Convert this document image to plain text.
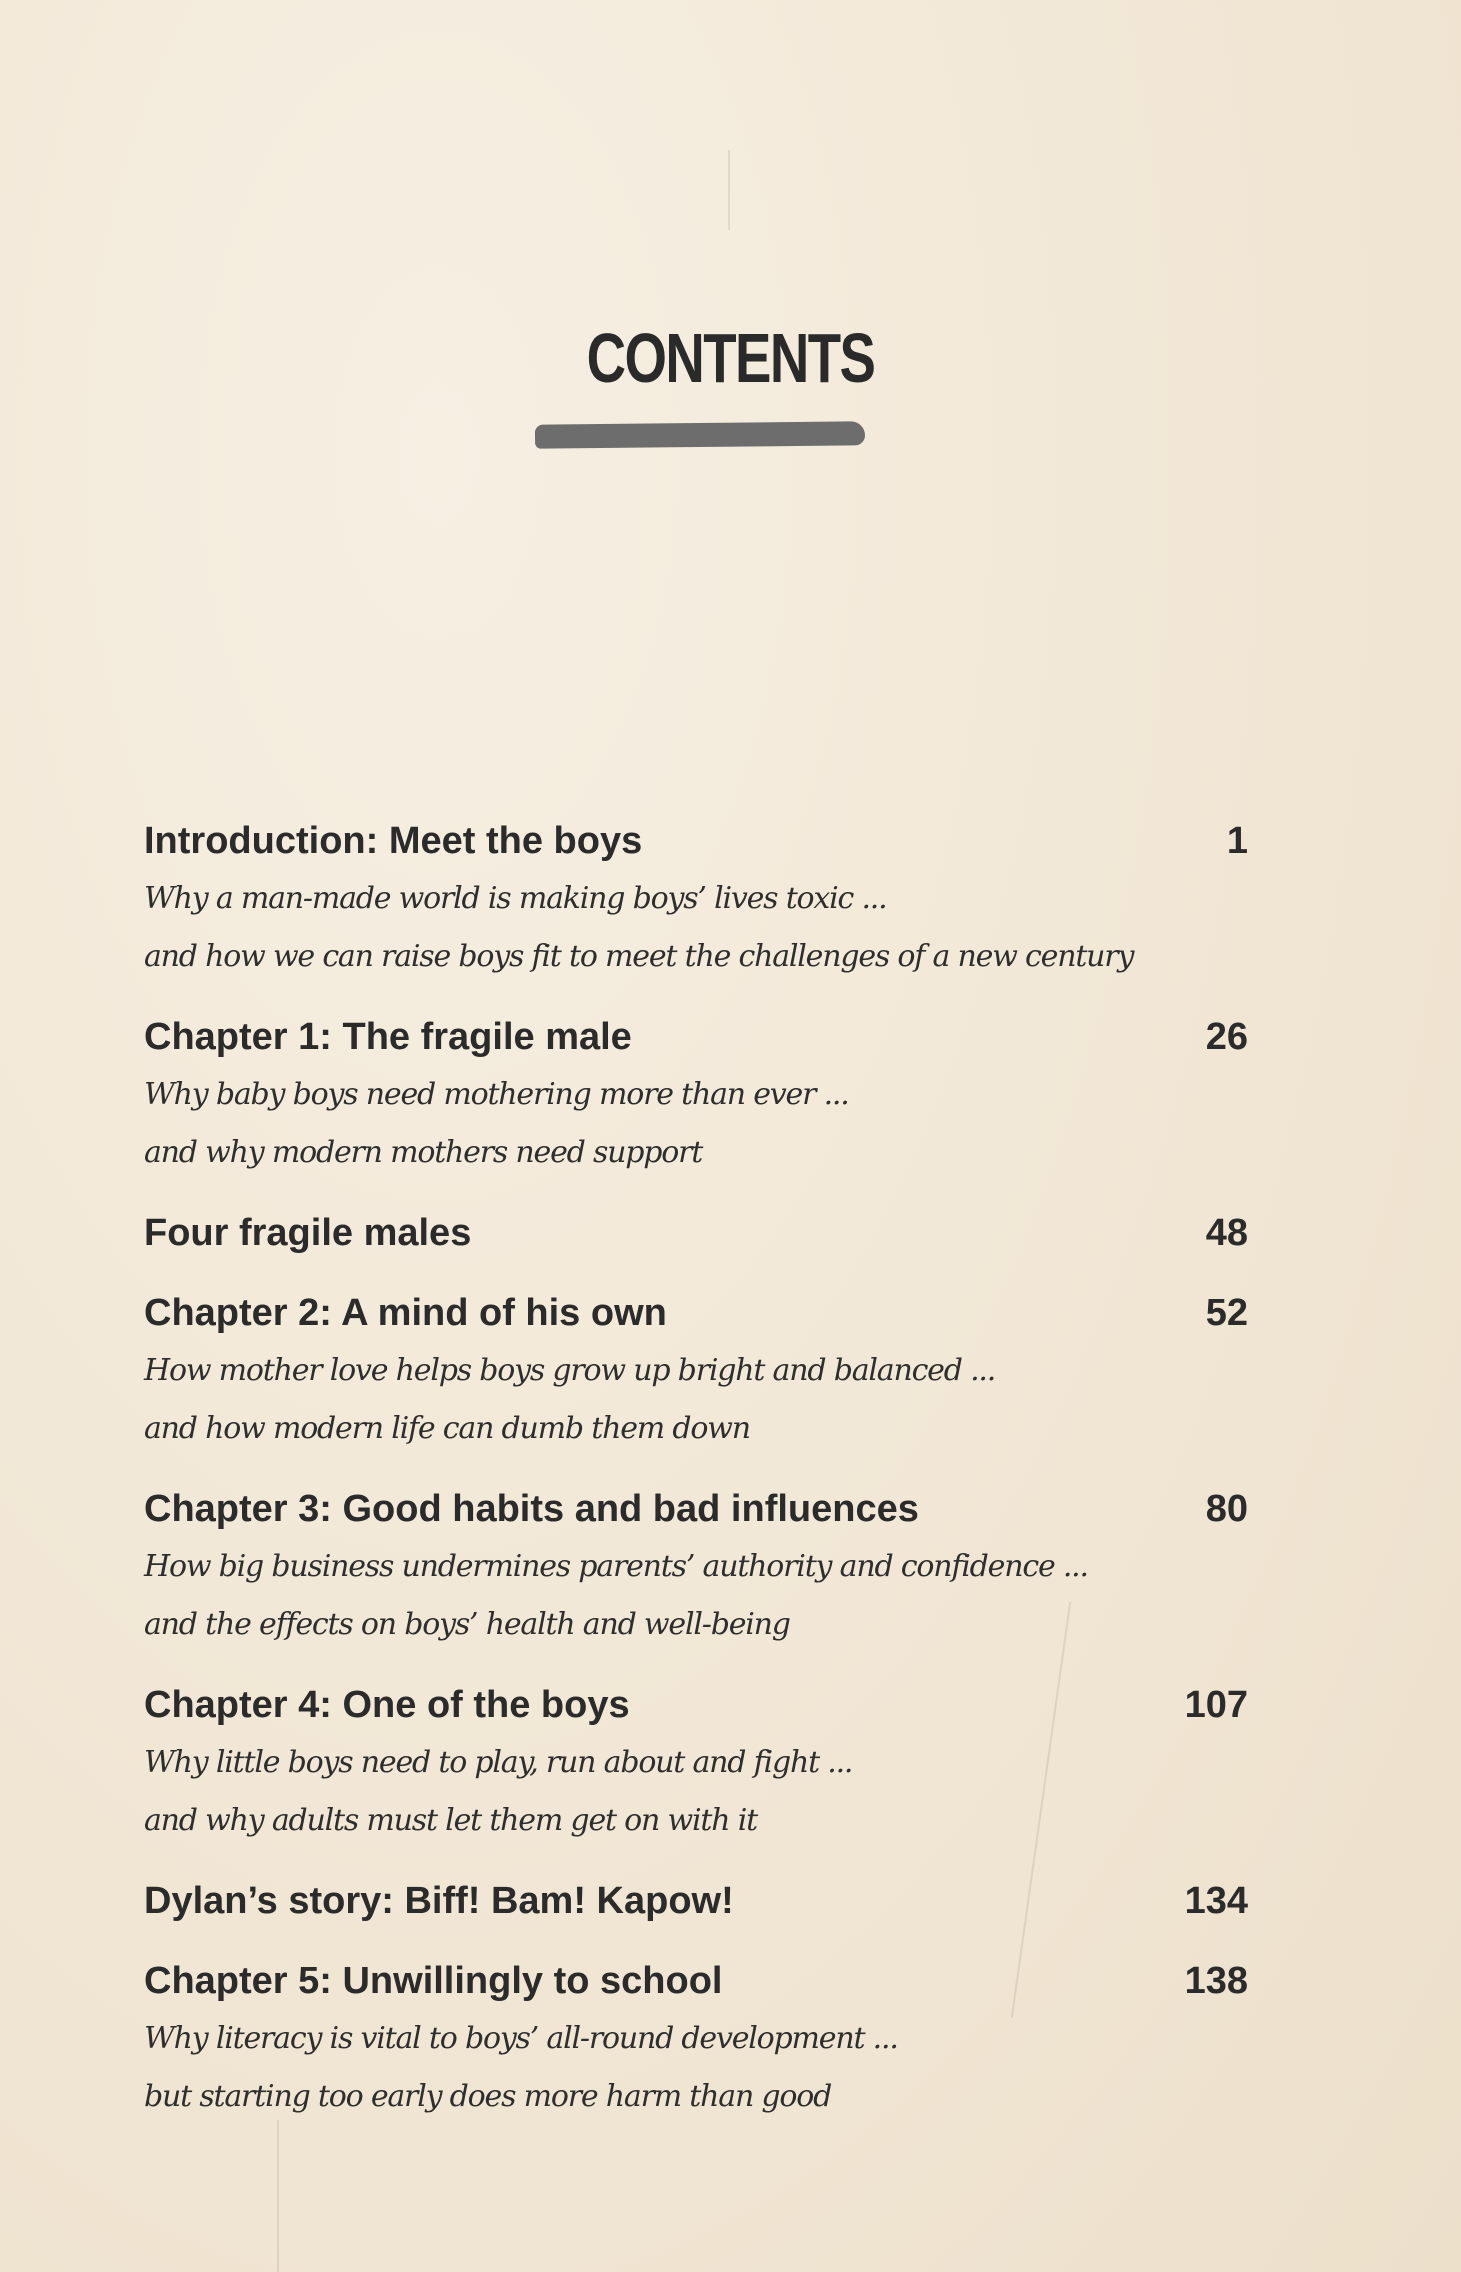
CONTENTS
Introduction: Meet the boys	1
Why a man-made world is making boys’ lives toxic ...
and how we can raise boys fit to meet the challenges of a new century
Chapter 1: The fragile male	26
Why baby boys need mothering more than ever ...
and why modern mothers need support
Four fragile males	48
Chapter 2: A mind of his own	52
How mother love helps boys grow up bright and balanced ...
and how modern life can dumb them down
Chapter 3: Good habits and bad influences	80
How big business undermines parents’ authority and confidence ...
and the effects on boys’ health and well-being
Chapter 4: One of the boys	107
Why little boys need to play, run about and fight ...
and why adults must let them get on with it
Dylan’s story: Biff! Bam! Kapow!	134
Chapter 5: Unwillingly to school	138
Why literacy is vital to boys’ all-round development ...
but starting too early does more harm than good
